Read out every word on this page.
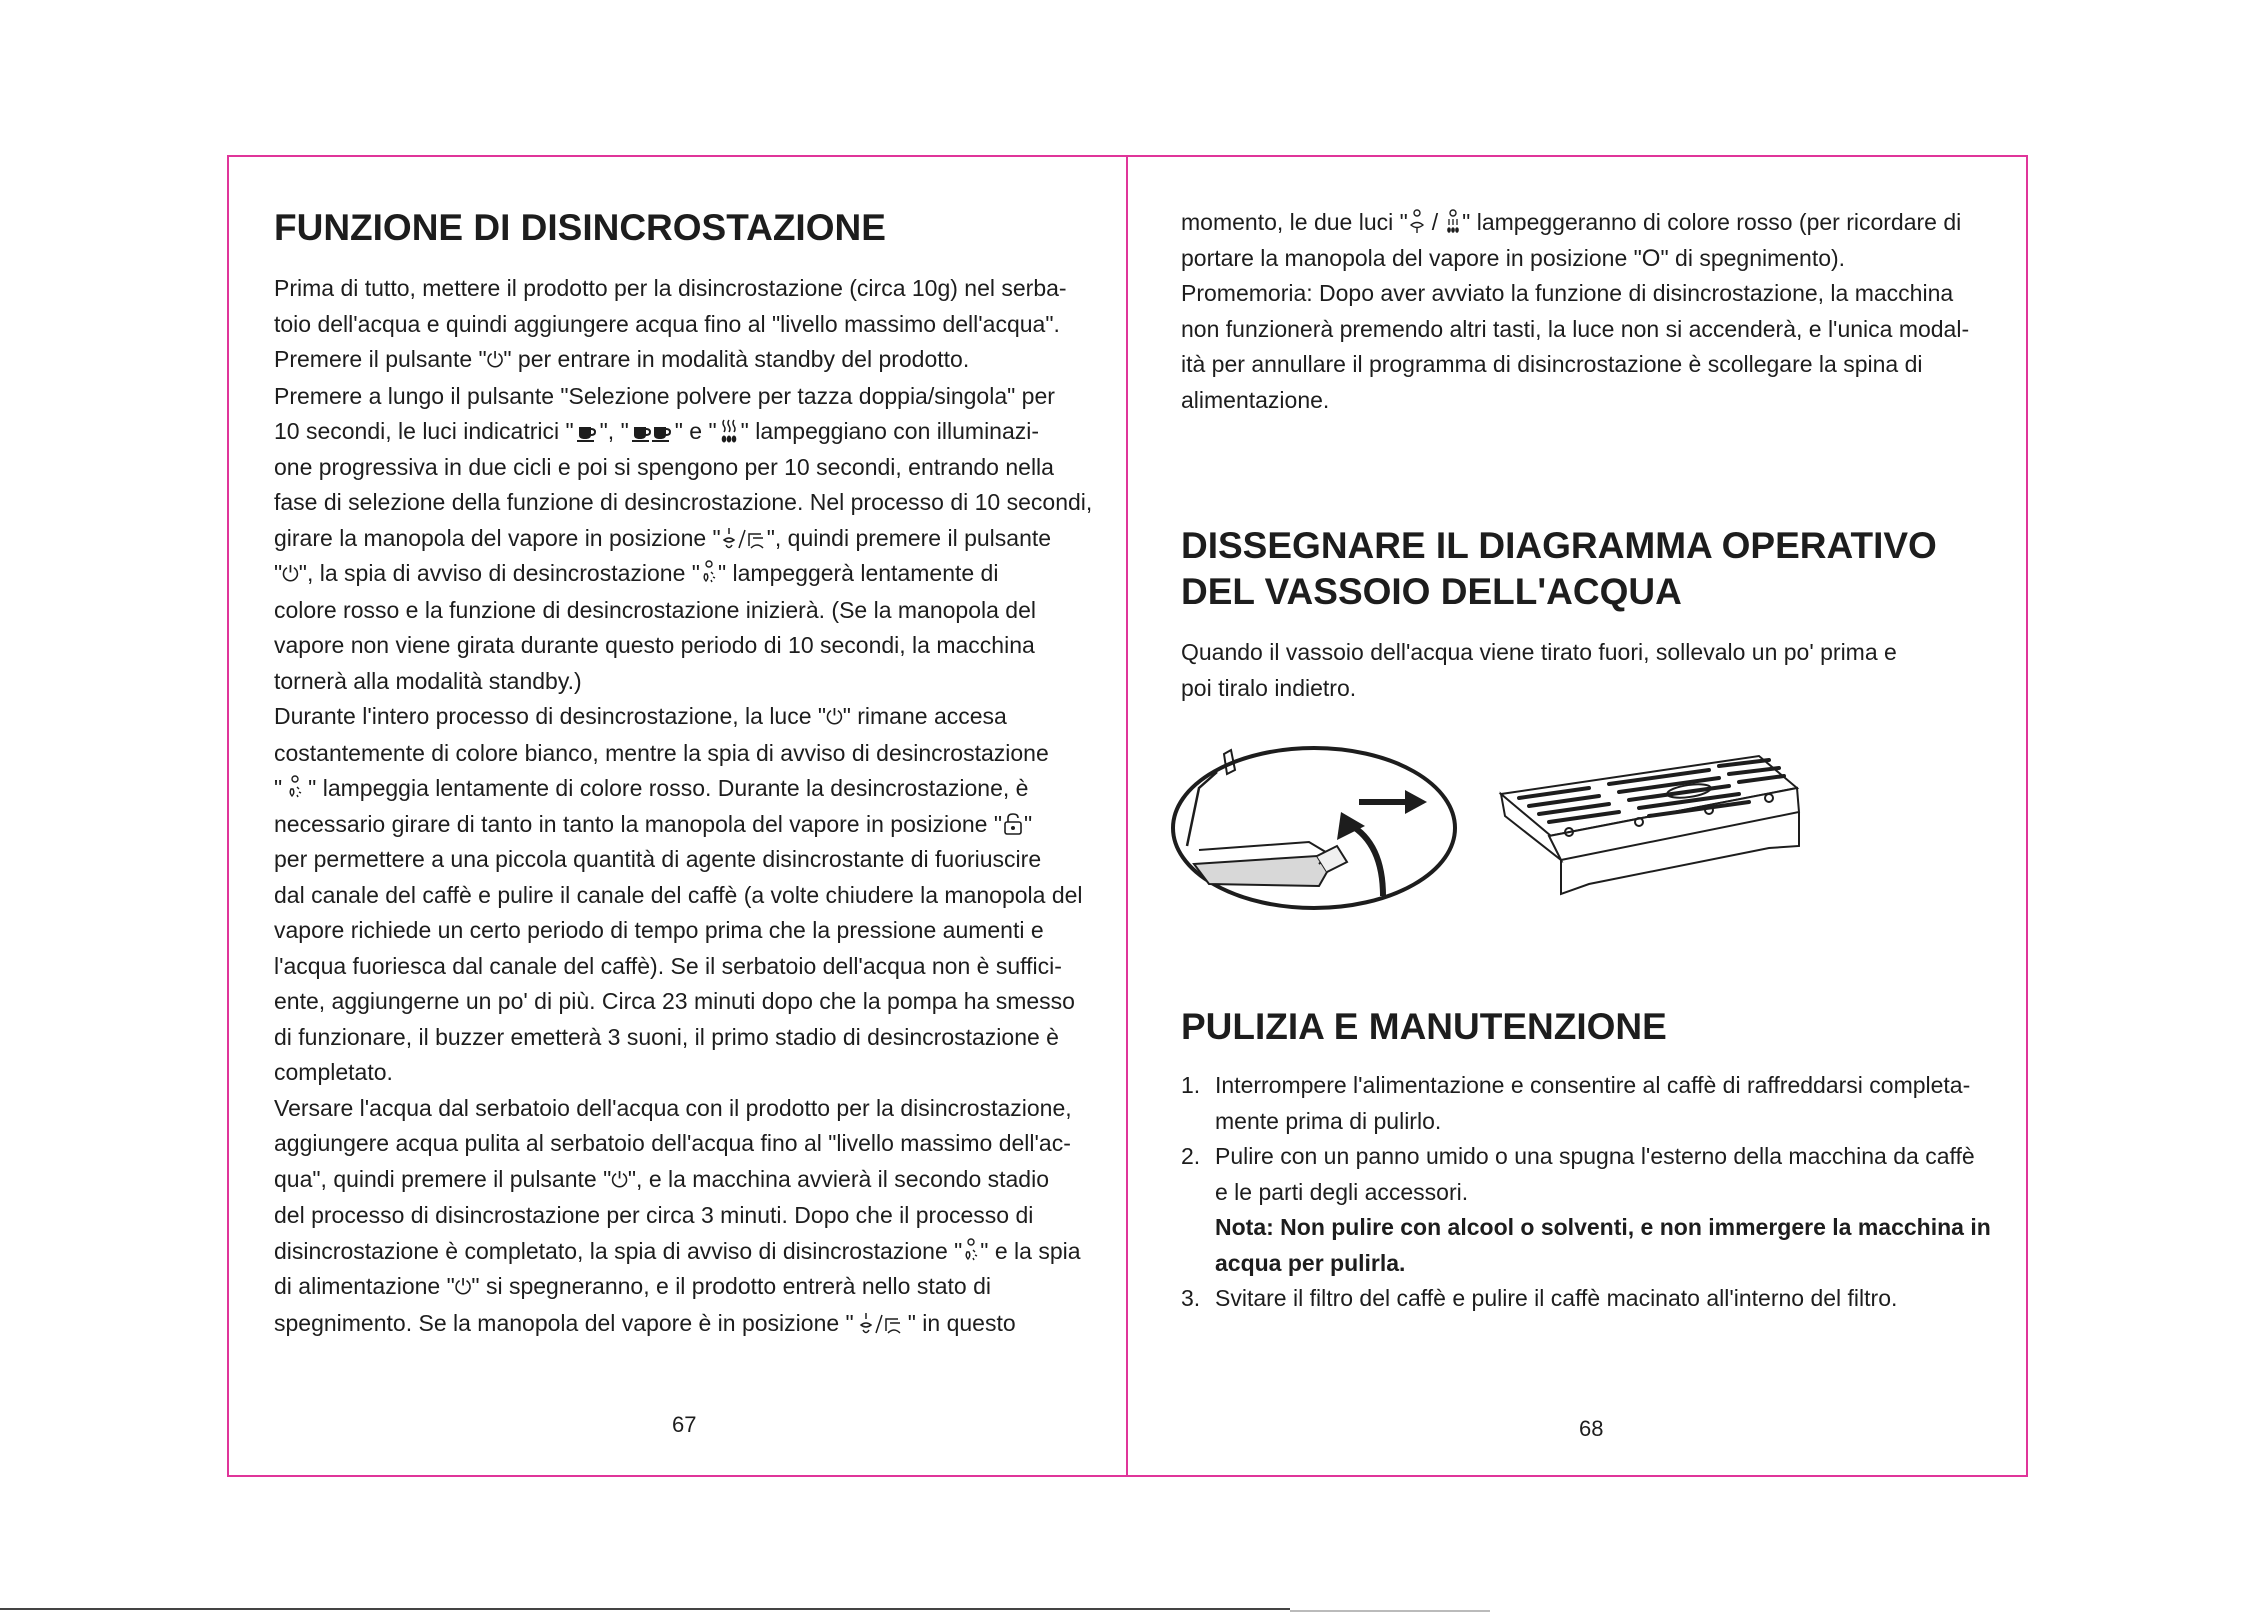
FUNZIONE DI DISINCROSTAZIONE

Prima di tutto, mettere il prodotto per la disincrostazione (circa 10g) nel serba-

toio dell'acqua e quindi aggiungere acqua fino al "livello massimo dell'acqua".

Premere il pulsante "⏻" per entrare in modalità standby del prodotto.

Premere a lungo il pulsante "Selezione polvere per tazza doppia/singola" per

10 secondi, le luci indicatrici " ", " " e " " lampeggiano con illuminazi-

one progressiva in due cicli e poi si spengono per 10 secondi, entrando nella

fase di selezione della funzione di desincrostazione. Nel processo di 10 secondi,

girare la manopola del vapore in posizione " ", quindi premere il pulsante

"⏻", la spia di avviso di desincrostazione " " lampeggerà lentamente di

colore rosso e la funzione di desincrostazione inizierà. (Se la manopola del

vapore non viene girata durante questo periodo di 10 secondi, la macchina

tornerà alla modalità standby.)

Durante l'intero processo di desincrostazione, la luce "⏻" rimane accesa

costantemente di colore bianco, mentre la spia di avviso di desincrostazione

" " lampeggia lentamente di colore rosso. Durante la desincrostazione, è

necessario girare di tanto in tanto la manopola del vapore in posizione " "

per permettere a una piccola quantità di agente disincrostante di fuoriuscire

dal canale del caffè e pulire il canale del caffè (a volte chiudere la manopola del

vapore richiede un certo periodo di tempo prima che la pressione aumenti e

l'acqua fuoriesca dal canale del caffè). Se il serbatoio dell'acqua non è suffici-

ente, aggiungerne un po' di più. Circa 23 minuti dopo che la pompa ha smesso

di funzionare, il buzzer emetterà 3 suoni, il primo stadio di desincrostazione è

completato.

Versare l'acqua dal serbatoio dell'acqua con il prodotto per la disincrostazione,

aggiungere acqua pulita al serbatoio dell'acqua fino al "livello massimo dell'ac-

qua", quindi premere il pulsante "⏻", e la macchina avvierà il secondo stadio

del processo di disincrostazione per circa 3 minuti. Dopo che il processo di

disincrostazione è completato, la spia di avviso di disincrostazione " " e la spia

di alimentazione "⏻" si spegneranno, e il prodotto entrerà nello stato di

spegnimento. Se la manopola del vapore è in posizione " " in questo

67

momento, le due luci " / " lampeggeranno di colore rosso (per ricordare di

portare la manopola del vapore in posizione "O" di spegnimento).

Promemoria: Dopo aver avviato la funzione di disincrostazione, la macchina

non funzionerà premendo altri tasti, la luce non si accenderà, e l'unica modal-

ità per annullare il programma di disincrostazione è scollegare la spina di

alimentazione.

DISSEGNARE IL DIAGRAMMA OPERATIVO
DEL VASSOIO DELL'ACQUA

Quando il vassoio dell'acqua viene tirato fuori, sollevalo un po' prima e

poi tiralo indietro.

PULIZIA E MANUTENZIONE
1. Interrompere l'alimentazione e consentire al caffè di raffreddarsi completa-
mente prima di pulirlo.
2. Pulire con un panno umido o una spugna l'esterno della macchina da caffè
e le parti degli accessori.
Nota: Non pulire con alcool o solventi, e non immergere la macchina in
acqua per pulirla.
3. Svitare il filtro del caffè e pulire il caffè macinato all'interno del filtro.
68
